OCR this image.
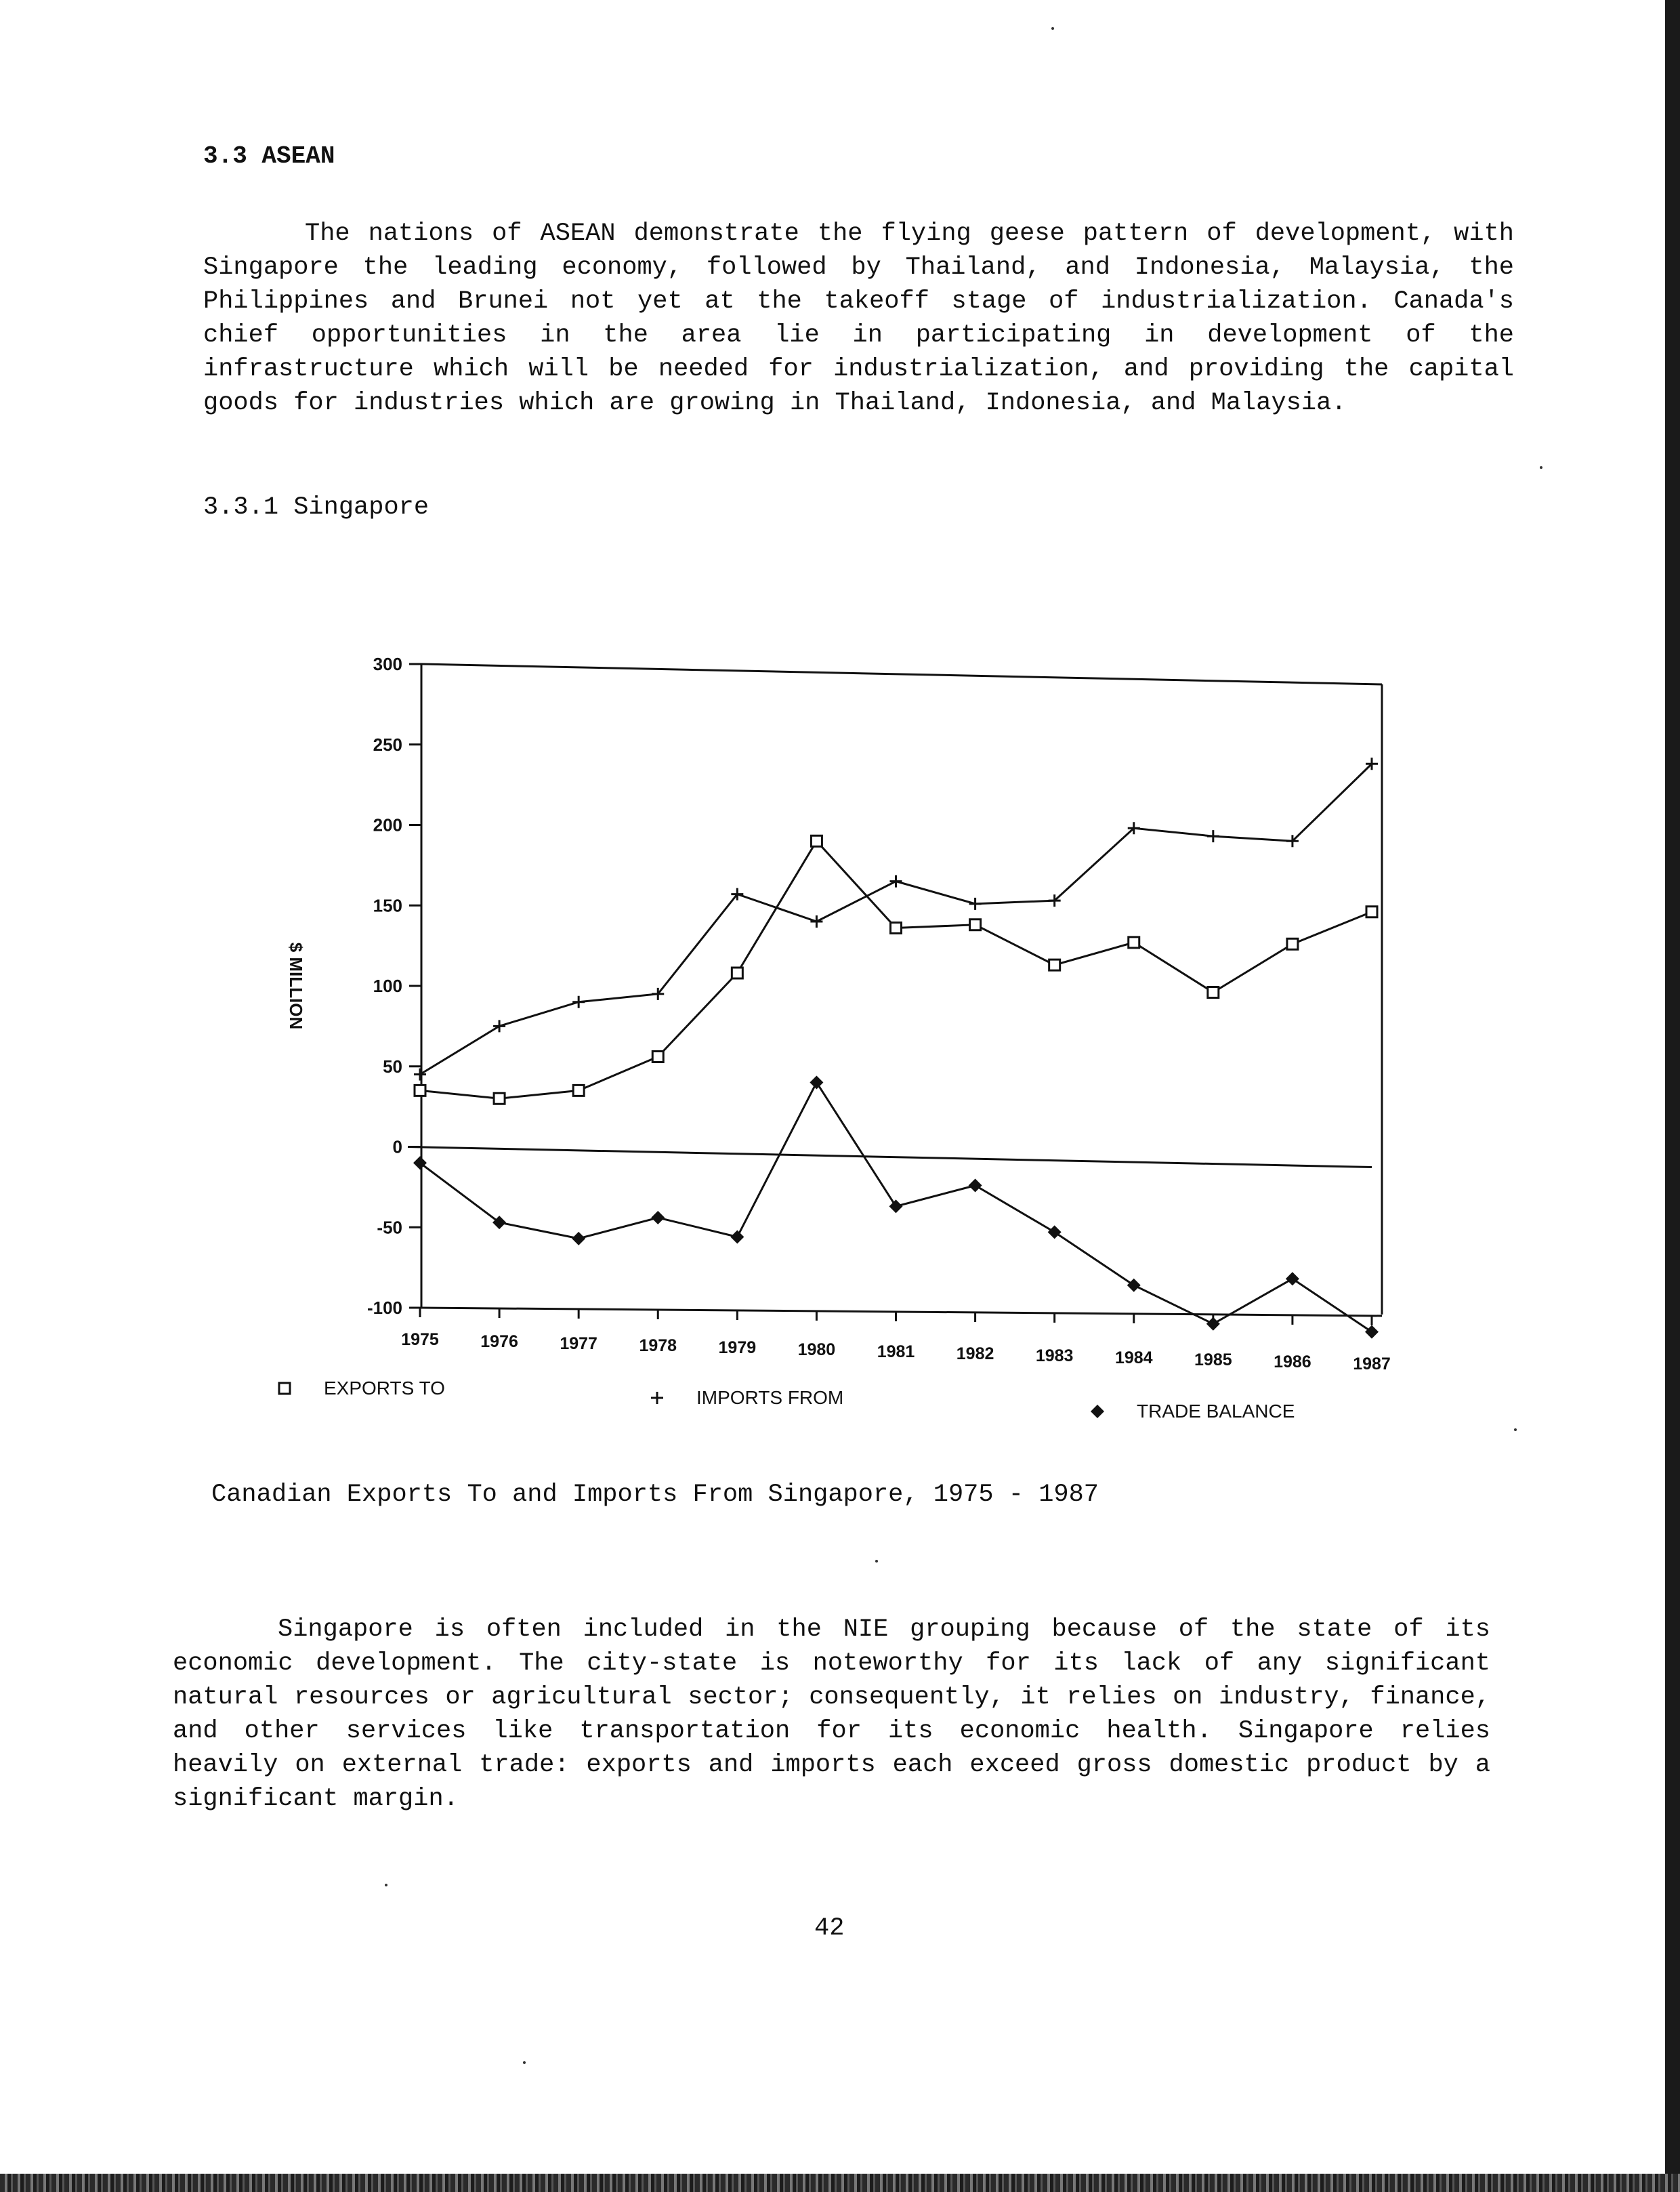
3.3 ASEAN

The nations of ASEAN demonstrate the flying geese pattern of development, with Singapore the leading economy, followed by Thailand, and Indonesia, Malaysia, the Philippines and Brunei not yet at the takeoff stage of industrialization. Canada's chief opportunities in the area lie in participating in development of the infrastructure which will be needed for industrialization, and providing the capital goods for industries which are growing in Thailand, Indonesia, and Malaysia.

3.3.1 Singapore
300
250
200
150
100
50
0
-50
-100
1975 1976 1977 1978 1979 1980 1981 1982 1983 1984 1985 1986 1987
$ MILLION
EXPORTS TO	IMPORTS FROM
TRADE BALANCE
Canadian Exports To and Imports From Singapore, 1975 - 1987

Singapore is often included in the NIE grouping because of the state of its economic development. The city-state is noteworthy for its lack of any significant natural resources or agricultural sector; consequently, it relies on industry, finance, and other services like transportation for its economic health. Singapore relies heavily on external trade: exports and imports each exceed gross domestic product by a significant margin.

42
